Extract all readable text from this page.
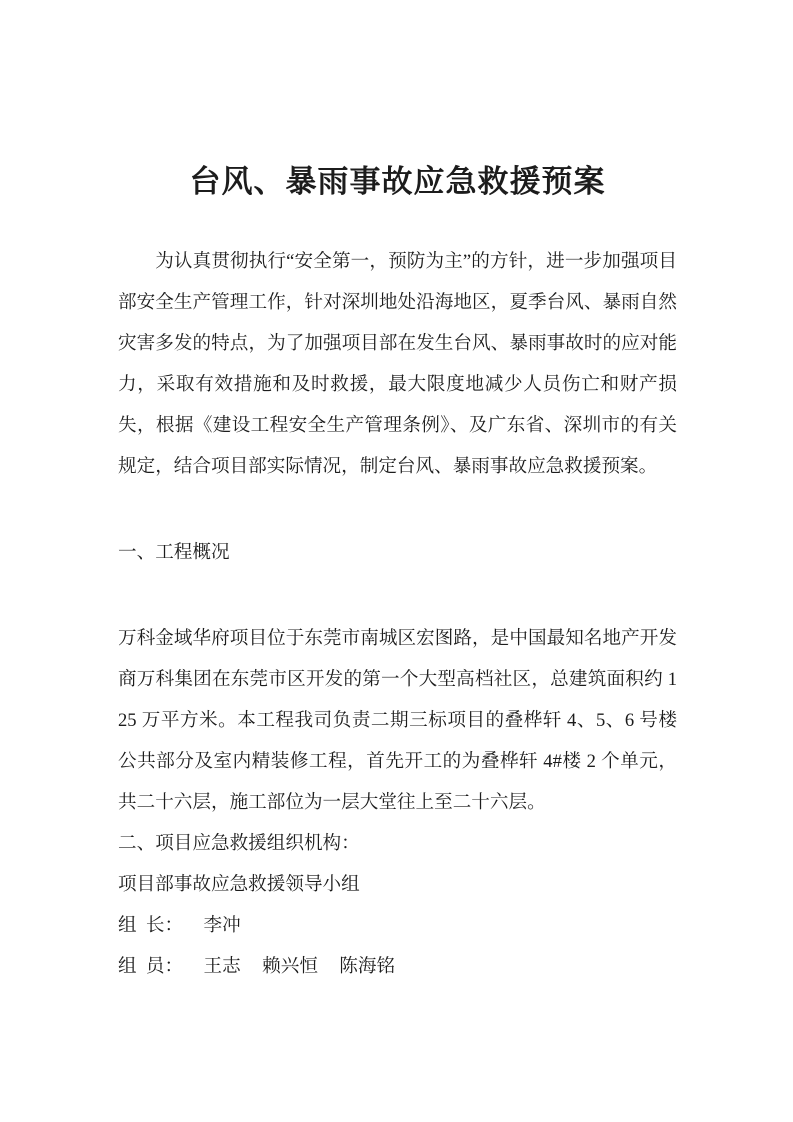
台风、暴雨事故应急救援预案

为认真贯彻执行“安全第一，预防为主”的方针，进一步加强项目部安全生产管理工作，针对深圳地处沿海地区，夏季台风、暴雨自然灾害多发的特点，为了加强项目部在发生台风、暴雨事故时的应对能力，采取有效措施和及时救援，最大限度地减少人员伤亡和财产损失，根据《建设工程安全生产管理条例》、及广东省、深圳市的有关规定，结合项目部实际情况，制定台风、暴雨事故应急救援预案。

一、工程概况

万科金域华府项目位于东莞市南城区宏图路，是中国最知名地产开发商万科集团在东莞市区开发的第一个大型高档社区，总建筑面积约 125 万平方米。本工程我司负责二期三标项目的叠桦轩 4、5、6 号楼公共部分及室内精装修工程，首先开工的为叠桦轩 4#楼 2 个单元，共二十六层，施工部位为一层大堂往上至二十六层。

二、项目应急救援组织机构：

项目部事故应急救援领导小组

组  长： 李冲

组  员： 王志 赖兴恒 陈海铭
